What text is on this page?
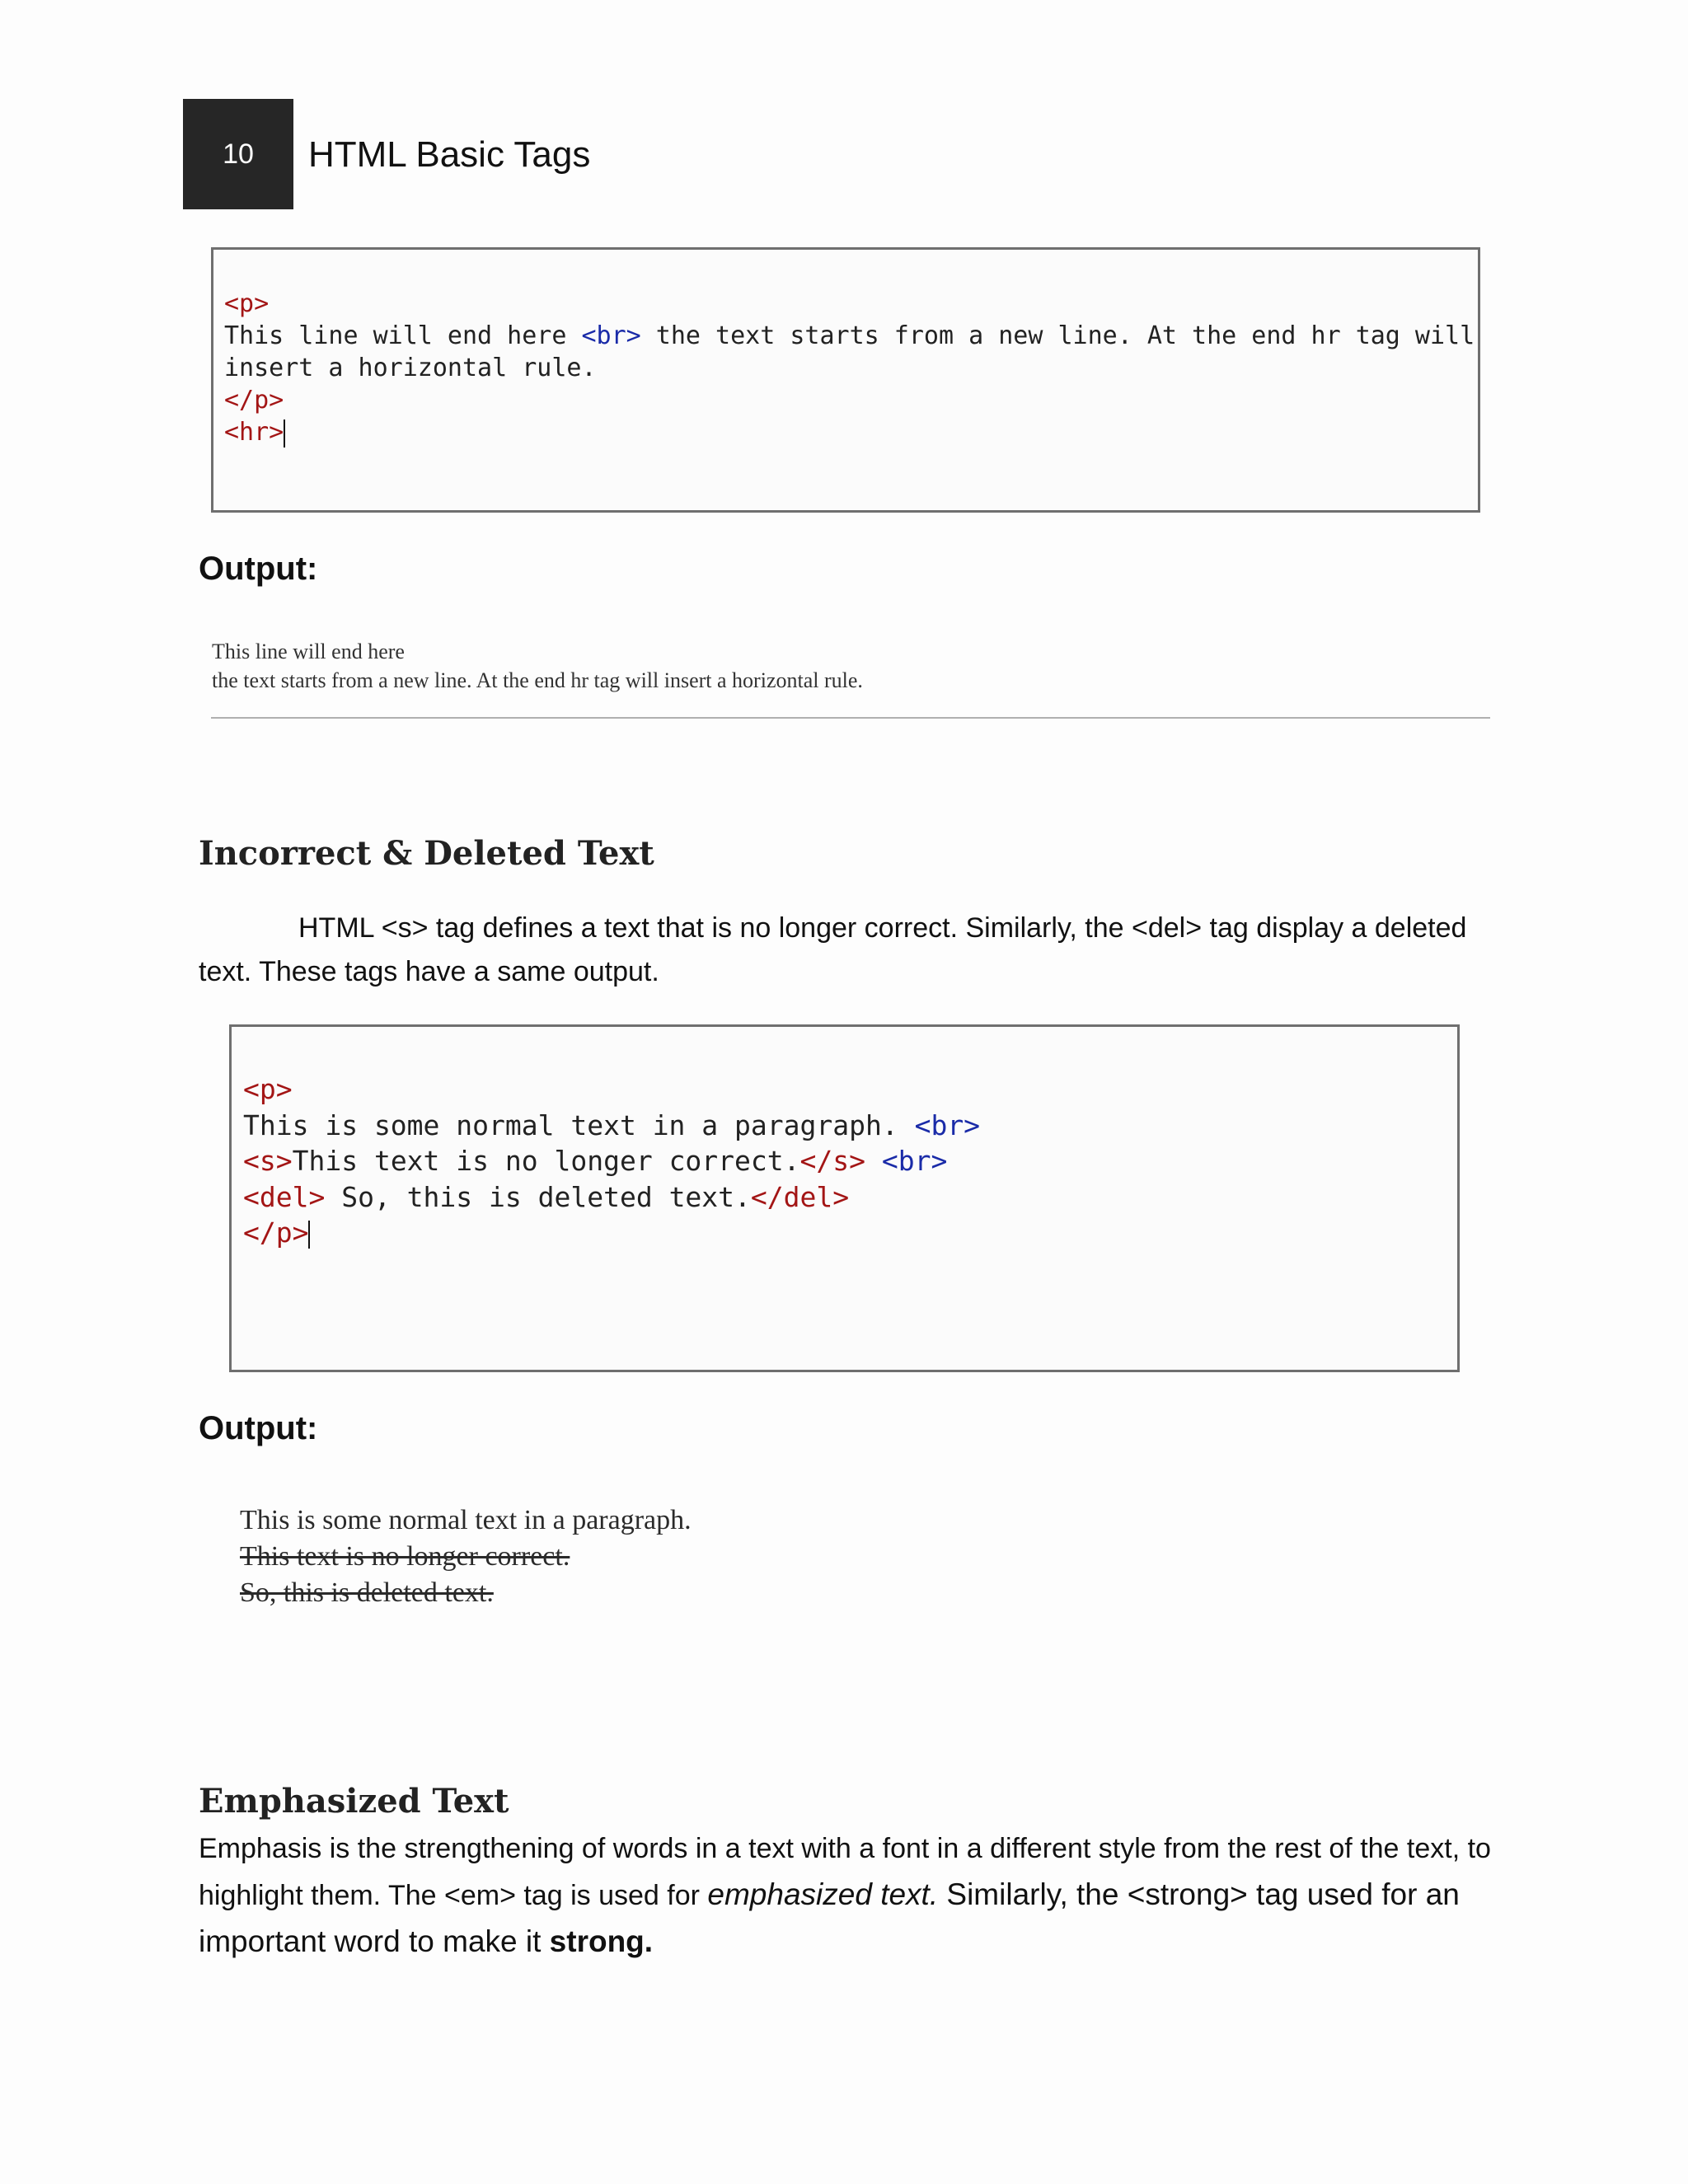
10 HTML Basic Tags
<p>
This line will end here <br> the text starts from a new line. At the end hr tag will
insert a horizontal rule.
</p>
<hr>
Output:
This line will end here
the text starts from a new line. At the end hr tag will insert a horizontal rule.
Incorrect & Deleted Text
HTML <s> tag defines a text that is no longer correct. Similarly, the <del> tag display a deleted text. These tags have a same output.
<p>
This is some normal text in a paragraph. <br>
<s>This text is no longer correct.</s> <br>
<del> So, this is deleted text.</del>
</p>
Output:
This is some normal text in a paragraph.
This text is no longer correct.
So, this is deleted text.
Emphasized Text
Emphasis is the strengthening of words in a text with a font in a different style from the rest of the text, to highlight them. The <em> tag is used for emphasized text. Similarly, the <strong> tag used for an important word to make it strong.
